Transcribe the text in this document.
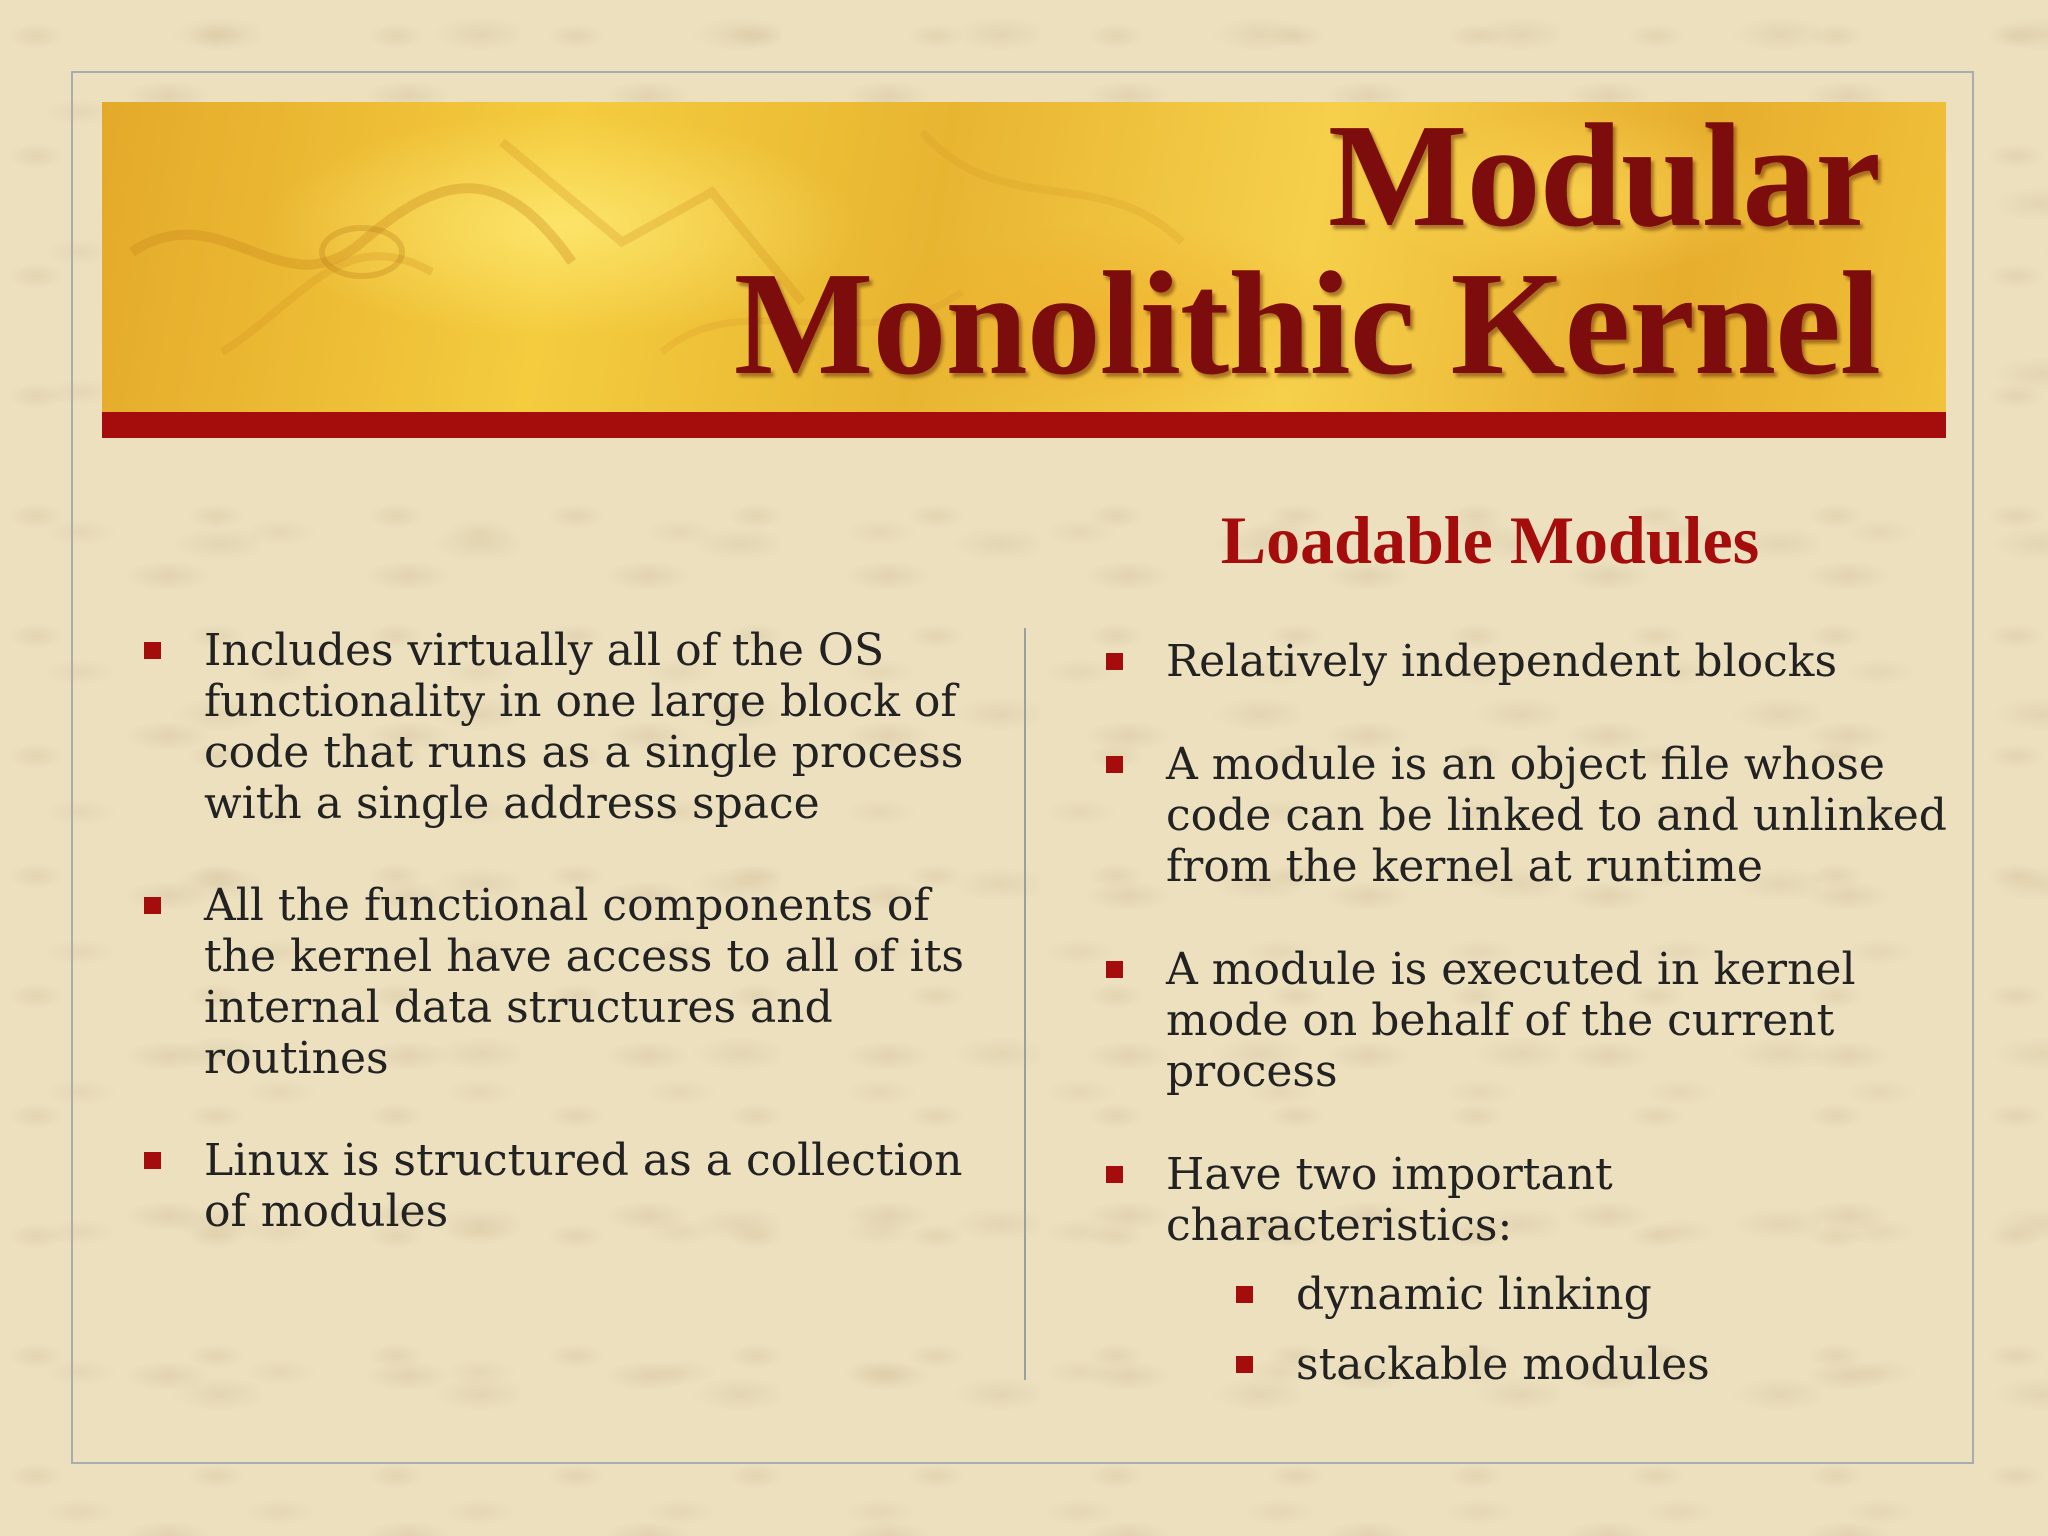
Modular
Monolithic Kernel
Loadable Modules
Includes virtually all of the OS functionality in one large block of code that runs as a single process with a single address space
All the functional components of the kernel have access to all of its internal data structures and routines
Linux is structured as a collection of modules
Relatively independent blocks
A module is an object file whose code can be linked to and unlinked from the kernel at runtime
A module is executed in kernel mode on behalf of the current process
Have two important characteristics:
dynamic linking
stackable modules
